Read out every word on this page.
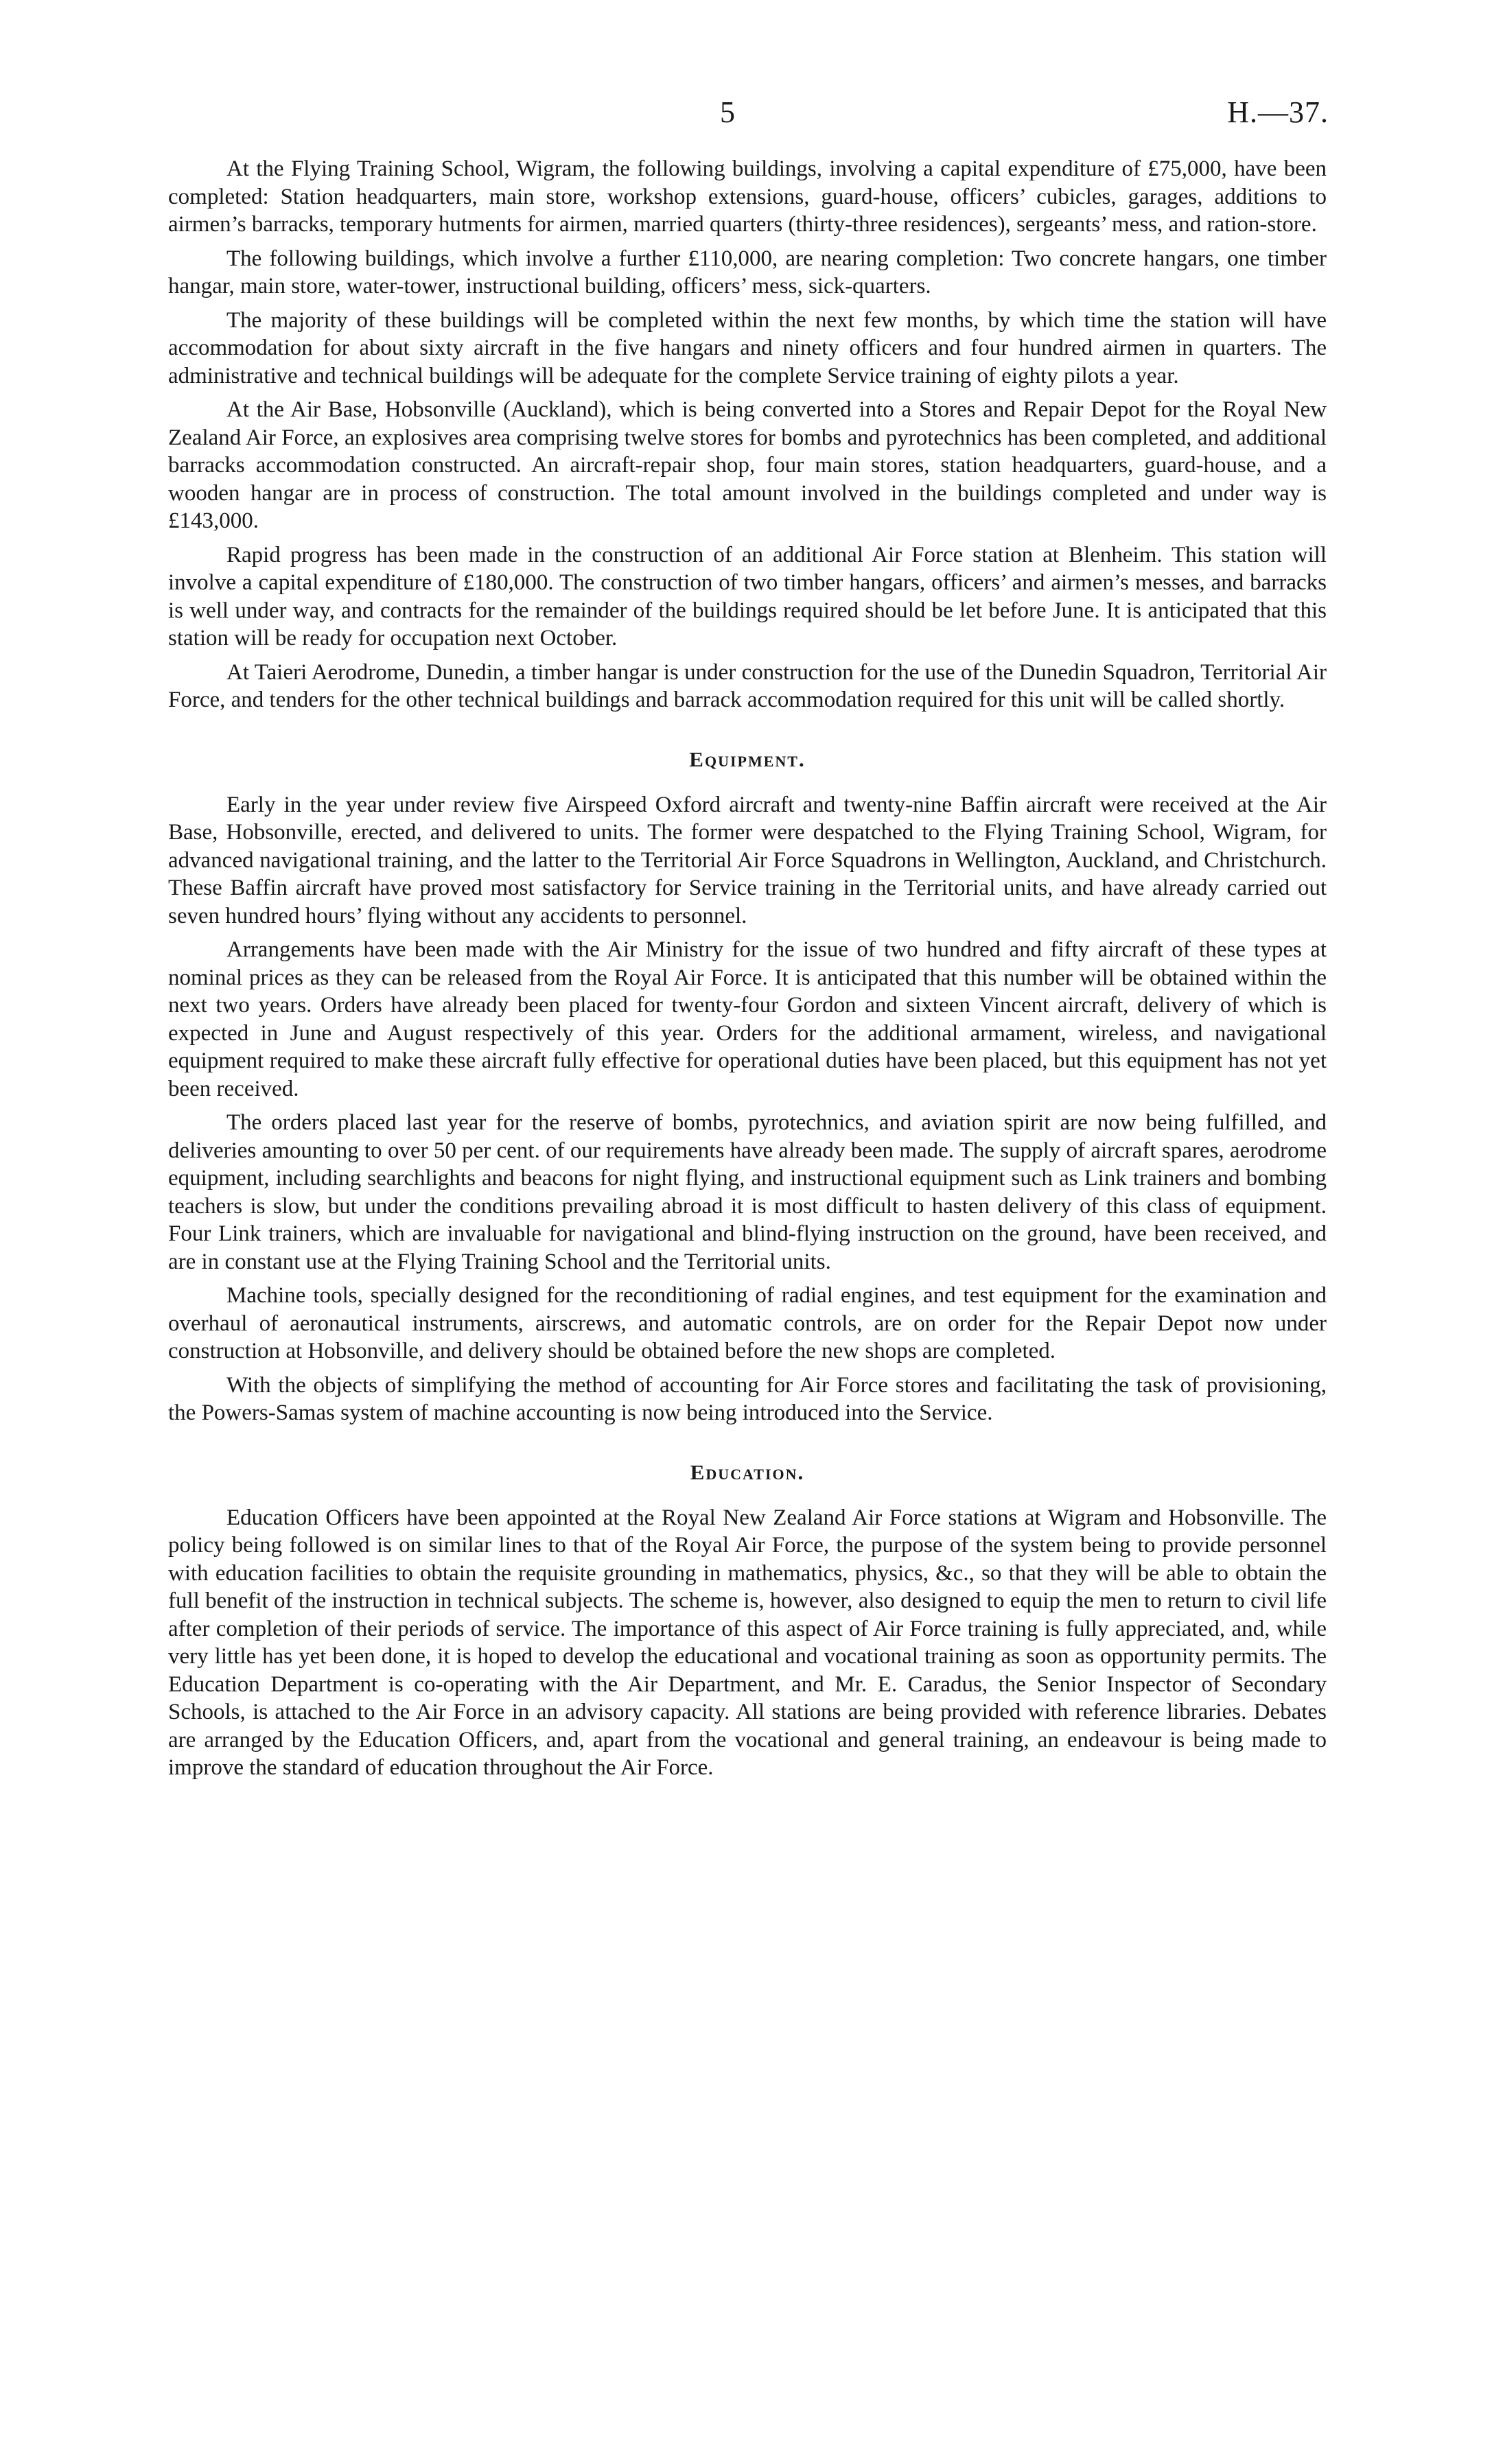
5	H.—37.

At the Flying Training School, Wigram, the following buildings, involving a capital expenditure of £75,000, have been completed: Station headquarters, main store, workshop extensions, guard-house, officers’ cubicles, garages, additions to airmen’s barracks, temporary hutments for airmen, married quarters (thirty-three residences), sergeants’ mess, and ration-store.

The following buildings, which involve a further £110,000, are nearing completion: Two concrete hangars, one timber hangar, main store, water-tower, instructional building, officers’ mess, sick-quarters.

The majority of these buildings will be completed within the next few months, by which time the station will have accommodation for about sixty aircraft in the five hangars and ninety officers and four hundred airmen in quarters. The administrative and technical buildings will be adequate for the complete Service training of eighty pilots a year.

At the Air Base, Hobsonville (Auckland), which is being converted into a Stores and Repair Depot for the Royal New Zealand Air Force, an explosives area comprising twelve stores for bombs and pyrotechnics has been completed, and additional barracks accommodation constructed. An aircraft-repair shop, four main stores, station headquarters, guard-house, and a wooden hangar are in process of construction. The total amount involved in the buildings completed and under way is £143,000.

Rapid progress has been made in the construction of an additional Air Force station at Blenheim. This station will involve a capital expenditure of £180,000. The construction of two timber hangars, officers’ and airmen’s messes, and barracks is well under way, and contracts for the remainder of the buildings required should be let before June. It is anticipated that this station will be ready for occupation next October.

At Taieri Aerodrome, Dunedin, a timber hangar is under construction for the use of the Dunedin Squadron, Territorial Air Force, and tenders for the other technical buildings and barrack accommodation required for this unit will be called shortly.

Equipment.

Early in the year under review five Airspeed Oxford aircraft and twenty-nine Baffin aircraft were received at the Air Base, Hobsonville, erected, and delivered to units. The former were despatched to the Flying Training School, Wigram, for advanced navigational training, and the latter to the Territorial Air Force Squadrons in Wellington, Auckland, and Christchurch. These Baffin aircraft have proved most satisfactory for Service training in the Territorial units, and have already carried out seven hundred hours’ flying without any accidents to personnel.

Arrangements have been made with the Air Ministry for the issue of two hundred and fifty aircraft of these types at nominal prices as they can be released from the Royal Air Force. It is anticipated that this number will be obtained within the next two years. Orders have already been placed for twenty-four Gordon and sixteen Vincent aircraft, delivery of which is expected in June and August respectively of this year. Orders for the additional armament, wireless, and navigational equipment required to make these aircraft fully effective for operational duties have been placed, but this equipment has not yet been received.

The orders placed last year for the reserve of bombs, pyrotechnics, and aviation spirit are now being fulfilled, and deliveries amounting to over 50 per cent. of our requirements have already been made. The supply of aircraft spares, aerodrome equipment, including searchlights and beacons for night flying, and instructional equipment such as Link trainers and bombing teachers is slow, but under the conditions prevailing abroad it is most difficult to hasten delivery of this class of equipment. Four Link trainers, which are invaluable for navigational and blind-flying instruction on the ground, have been received, and are in constant use at the Flying Training School and the Territorial units.

Machine tools, specially designed for the reconditioning of radial engines, and test equipment for the examination and overhaul of aeronautical instruments, airscrews, and automatic controls, are on order for the Repair Depot now under construction at Hobsonville, and delivery should be obtained before the new shops are completed.

With the objects of simplifying the method of accounting for Air Force stores and facilitating the task of provisioning, the Powers-Samas system of machine accounting is now being introduced into the Service.

Education.

Education Officers have been appointed at the Royal New Zealand Air Force stations at Wigram and Hobsonville. The policy being followed is on similar lines to that of the Royal Air Force, the purpose of the system being to provide personnel with education facilities to obtain the requisite grounding in mathematics, physics, &c., so that they will be able to obtain the full benefit of the instruction in technical subjects. The scheme is, however, also designed to equip the men to return to civil life after completion of their periods of service. The importance of this aspect of Air Force training is fully appreciated, and, while very little has yet been done, it is hoped to develop the educational and vocational training as soon as opportunity permits. The Education Department is co-operating with the Air Department, and Mr. E. Caradus, the Senior Inspector of Secondary Schools, is attached to the Air Force in an advisory capacity. All stations are being provided with reference libraries. Debates are arranged by the Education Officers, and, apart from the vocational and general training, an endeavour is being made to improve the standard of education throughout the Air Force.
